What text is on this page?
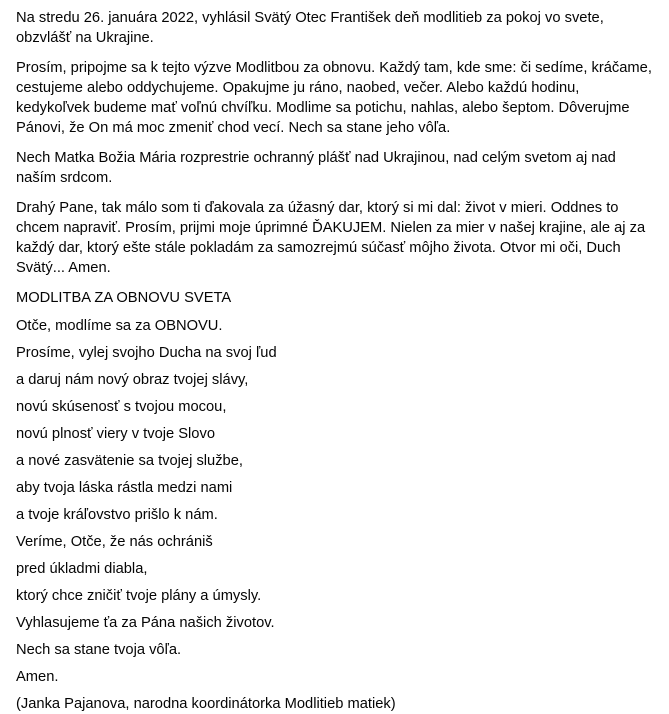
Na stredu 26. januára 2022, vyhlásil Svätý Otec František deň modlitieb za pokoj vo svete, obzvlášť na Ukrajine.

Prosím, pripojme sa k tejto výzve Modlitbou za obnovu. Každý tam, kde sme: či sedíme, kráčame, cestujeme alebo oddychujeme. Opakujme ju ráno, naobed, večer. Alebo každú hodinu, kedykoľvek budeme mať voľnú chvíľku. Modlime sa potichu, nahlas, alebo šeptom. Dôverujme Pánovi, že On má moc zmeniť chod vecí. Nech sa stane jeho vôľa.

Nech Matka Božia Mária rozprestrie ochranný plášť nad Ukrajinou, nad celým svetom aj nad naším srdcom.

Drahý Pane, tak málo som ti ďakovala za úžasný dar, ktorý si mi dal: život v mieri. Oddnes to chcem napraviť. Prosím, prijmi moje úprimné ĎAKUJEM. Nielen za mier v našej krajine, ale aj za každý dar, ktorý ešte stále pokladám za samozrejmú súčasť môjho života. Otvor mi oči, Duch Svätý... Amen.

MODLITBA ZA OBNOVU SVETA

Otče, modlíme sa za OBNOVU.

Prosíme, vylej svojho Ducha na svoj ľud

a daruj nám nový obraz tvojej slávy,

novú skúsenosť s tvojou mocou,

novú plnosť viery v tvoje Slovo

a nové zasvätenie sa tvojej službe,

aby tvoja láska rástla medzi nami

a tvoje kráľovstvo prišlo k nám.

Veríme, Otče, že nás ochrániš

pred úkladmi diabla,

ktorý chce zničiť tvoje plány a úmysly.

Vyhlasujeme ťa za Pána našich životov.

Nech sa stane tvoja vôľa.

Amen.

(Janka Pajanova, narodna koordinátorka Modlitieb matiek)
